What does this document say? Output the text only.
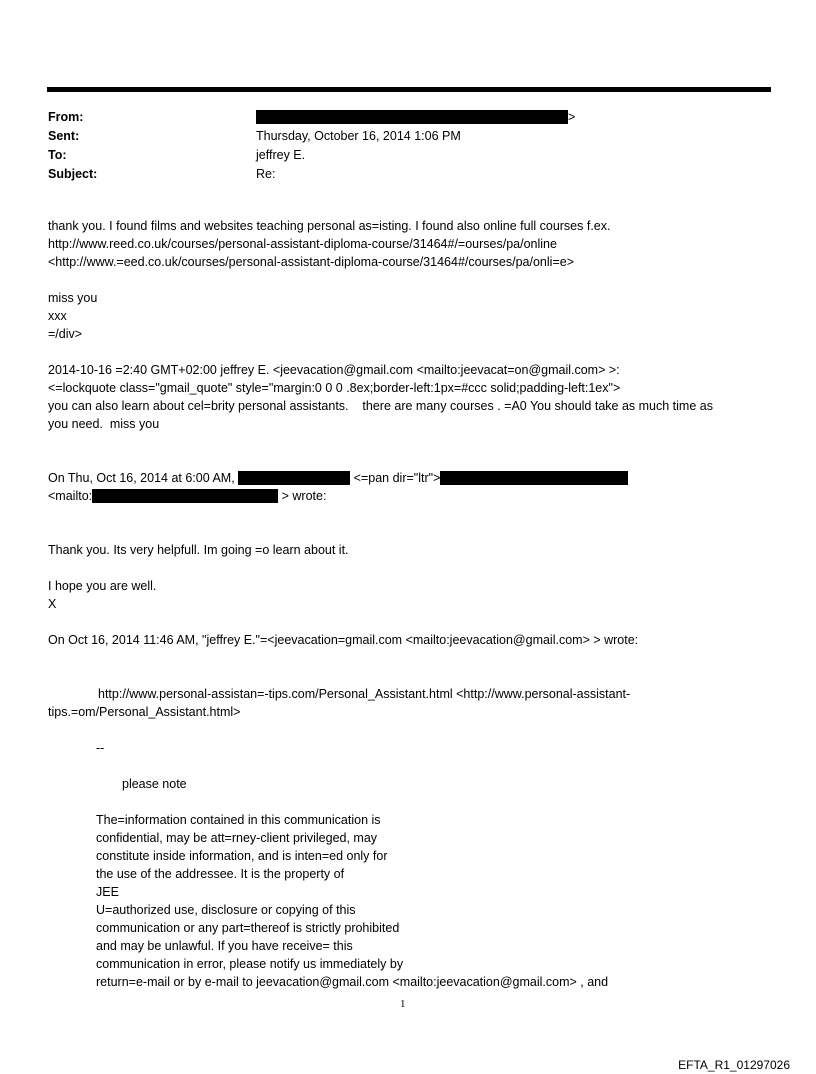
From:	>
Sent:	Thursday, October 16, 2014 1:06 PM
To:	jeffrey E.
Subject:	Re:

thank you. I found films and websites teaching personal as=isting. I found also online full courses f.ex.
http://www.reed.co.uk/courses/personal-assistant-diploma-course/31464#/=ourses/pa/online
<http://www.=eed.co.uk/courses/personal-assistant-diploma-course/31464#/courses/pa/onli=e>

miss you
xxx
=/div>

2014-10-16 =2:40 GMT+02:00 jeffrey E. <jeevacation@gmail.com <mailto:jeevacat=on@gmail.com> >:
<=lockquote class="gmail_quote" style="margin:0 0 0 .8ex;border-left:1px=#ccc solid;padding-left:1ex">
you can also learn about cel=brity personal assistants.    there are many courses . =A0 You should take as much time as
you need.  miss you

On Thu, Oct 16, 2014 at 6:00 AM,	<=pan dir="ltr">
<mailto:	> wrote:

Thank you. Its very helpfull. Im going =o learn about it.

I hope you are well.
X

On Oct 16, 2014 11:46 AM, "jeffrey E."=<jeevacation=gmail.com <mailto:jeevacation@gmail.com> > wrote:

http://www.personal-assistan=-tips.com/Personal_Assistant.html <http://www.personal-assistant-

tips.=om/Personal_Assistant.html>

--

please note

The=information contained in this communication is
confidential, may be att=rney-client privileged, may
constitute inside information, and is inten=ed only for
the use of the addressee. It is the property of
JEE
U=authorized use, disclosure or copying of this
communication or any part=thereof is strictly prohibited
and may be unlawful. If you have receive= this
communication in error, please notify us immediately by
return=e-mail or by e-mail to jeevacation@gmail.com <mailto:jeevacation@gmail.com> , and

1
EFTA_R1_01297026
